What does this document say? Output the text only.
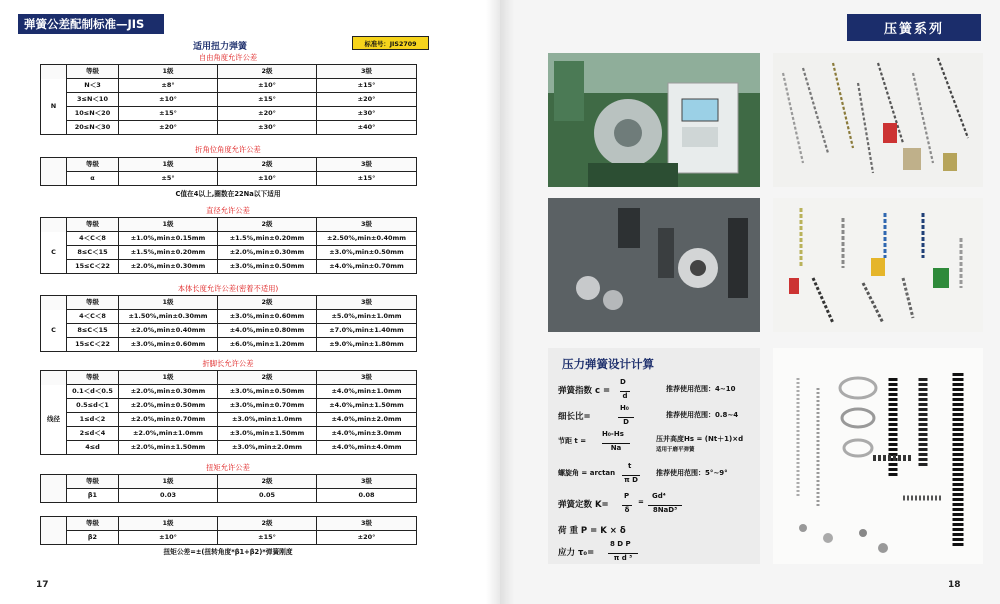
弹簧公差配制标准—JIS
适用扭力弹簧	标准号：JIS2709
自由角度允许公差
	等级	1级	2级	3级
N	N＜3	±8°	±10°	±15°
	3≤N＜10	±10°	±15°	±20°
	10≤N＜20	±15°	±20°	±30°
	20≤N＜30	±20°	±30°	±40°
折角位角度允许公差
	等级	1级	2级	3级
	α	±5°	±10°	±15°
C值在4以上,圈数在22Na以下适用
直径允许公差
	等级	1级	2级	3级
C	4＜C＜8	±1.0%,min±0.15mm	±1.5%,min±0.20mm	±2.50%,min±0.40mm
	8≤C＜15	±1.5%,min±0.20mm	±2.0%,min±0.30mm	±3.0%,min±0.50mm
	15≤C＜22	±2.0%,min±0.30mm	±3.0%,min±0.50mm	±4.0%,min±0.70mm
本体长度允许公差(密着不适用)
	等级	1级	2级	3级
C	4＜C＜8	±1.50%,min±0.30mm	±3.0%,min±0.60mm	±5.0%,min±1.0mm
	8≤C＜15	±2.0%,min±0.40mm	±4.0%,min±0.80mm	±7.0%,min±1.40mm
	15≤C＜22	±3.0%,min±0.60mm	±6.0%,min±1.20mm	±9.0%,min±1.80mm
折脚长允许公差
	等级	1级	2级	3级
线径	0.1＜d＜0.5	±2.0%,min±0.30mm	±3.0%,min±0.50mm	±4.0%,min±1.0mm
	0.5≤d＜1	±2.0%,min±0.50mm	±3.0%,min±0.70mm	±4.0%,min±1.50mm
	1≤d＜2	±2.0%,min±0.70mm	±3.0%,min±1.0mm	±4.0%,min±2.0mm
	2≤d＜4	±2.0%,min±1.0mm	±3.0%,min±1.50mm	±4.0%,min±3.0mm
	4≤d	±2.0%,min±1.50mm	±3.0%,min±2.0mm	±4.0%,min±4.0mm
扭矩允许公差
	等级	1级	2级	3级
	β1	0.03	0.05	0.08
	等级	1级	2级	3级
	β2	±10°	±15°	±20°
扭矩公差=±(扭转角度*β1+β2)*弹簧刚度
17
压簧系列
压力弹簧设计计算
弹簧指数 c =
D
d
推荐使用范围：4~10
细长比=
H₀
D
推荐使用范围：0.8~4
节距 t =
H₀-Hs
Na
压并高度Hs = (Nt＋1)×d
适用于磨平弹簧
螺旋角 = arctan
t
π D
推荐使用范围：5°~9°
弹簧定数 K=
P
δ
=
Gd⁴
8NaD³
荷 重 P = K × δ
应力 τ₀=
8 D P
π d ³
18
